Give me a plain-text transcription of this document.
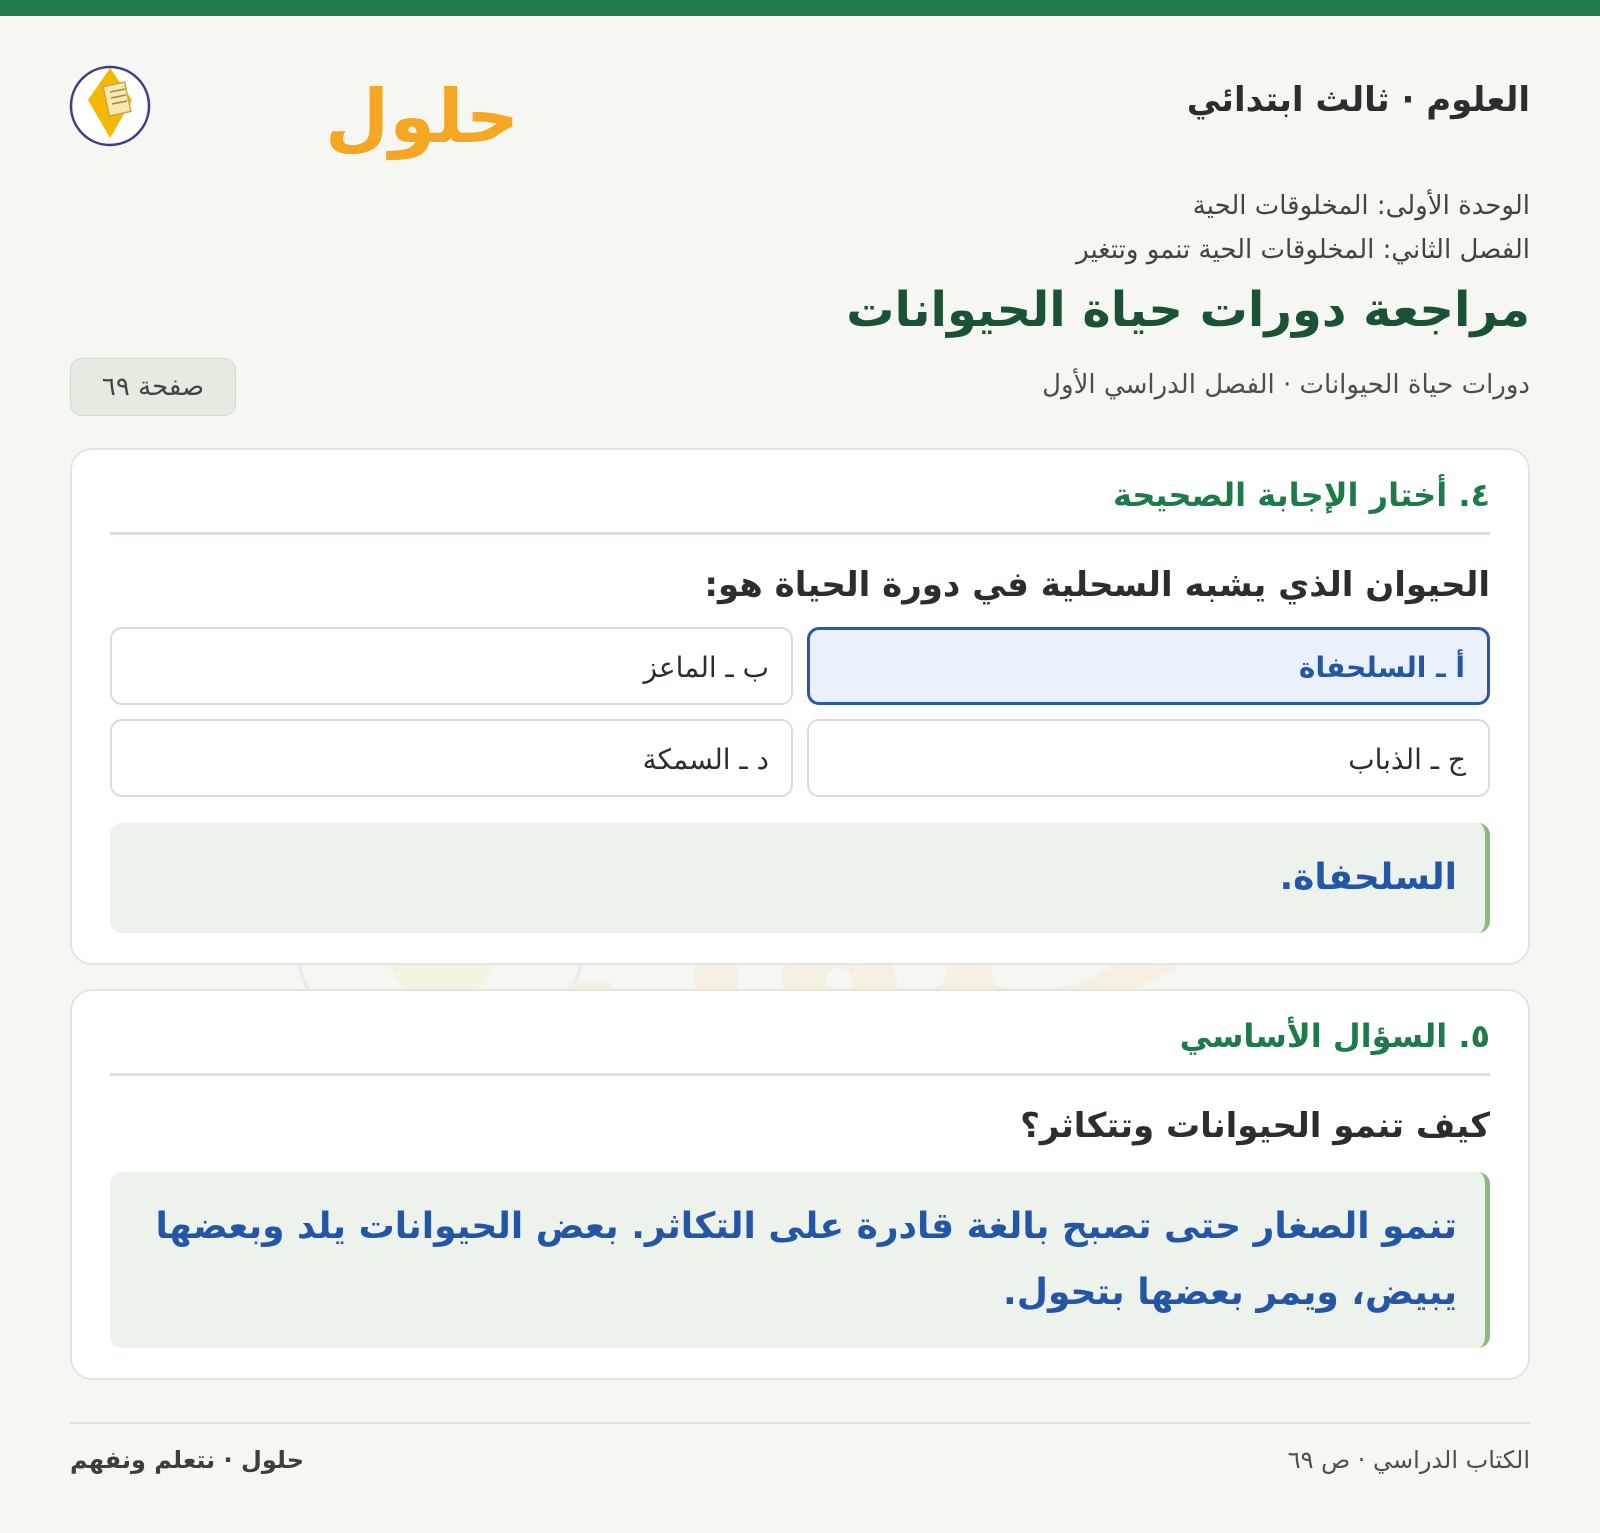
العلوم · ثالث ابتدائي
حلول

الوحدة الأولى: المخلوقات الحية

الفصل الثاني: المخلوقات الحية تنمو وتتغير

مراجعة دورات حياة الحيوانات
دورات حياة الحيوانات · الفصل الدراسي الأول
صفحة ٦٩
٤. أختار الإجابة الصحيحة
الحيوان الذي يشبه السحلية في دورة الحياة هو:
أ ـ السلحفاة
ب ـ الماعز
ج ـ الذباب
د ـ السمكة
السلحفاة.
٥. السؤال الأساسي
كيف تنمو الحيوانات وتتكاثر؟
تنمو الصغار حتى تصبح بالغة قادرة على التكاثر. بعض الحيوانات يلد وبعضها يبيض، ويمر بعضها بتحول.
الكتاب الدراسي · ص ٦٩
حلول · نتعلم ونفهم
